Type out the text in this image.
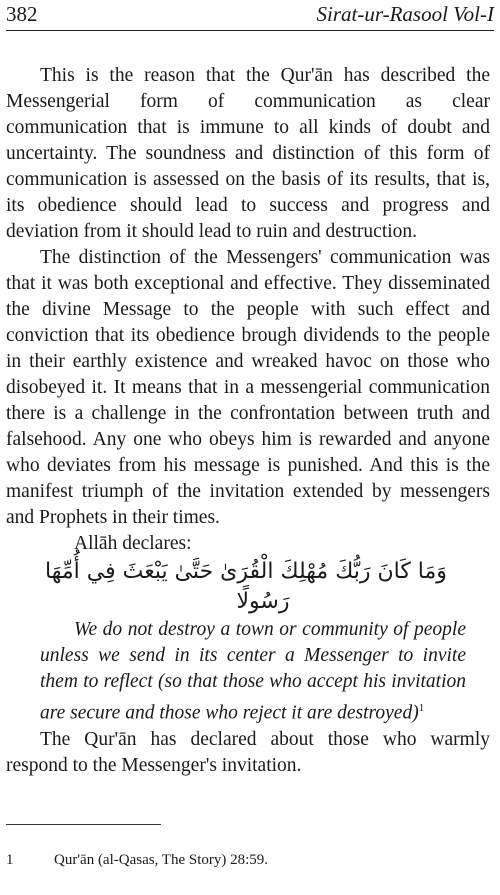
382	Sirat-ur-Rasool Vol-I

This is the reason that the Qur'ān has described the Messengerial form of communication as clear communication that is immune to all kinds of doubt and uncertainty. The soundness and distinction of this form of communication is assessed on the basis of its results, that is, its obedience should lead to success and progress and deviation from it should lead to ruin and destruction.

The distinction of the Messengers' communication was that it was both exceptional and effective. They disseminated the divine Message to the people with such effect and conviction that its obedience brough dividends to the people in their earthly existence and wreaked havoc on those who disobeyed it. It means that in a messengerial communication there is a challenge in the confrontation between truth and falsehood. Any one who obeys him is rewarded and anyone who deviates from his message is punished. And this is the manifest triumph of the invitation extended by messengers and Prophets in their times.

Allāh declares:

وَمَا كَانَ رَبُّكَ مُهْلِكَ الْقُرَىٰ حَتَّىٰ يَبْعَثَ فِي أُمِّهَا رَسُولًا

We do not destroy a town or community of people unless we send in its center a Messenger to invite them to reflect (so that those who accept his invitation are secure and those who reject it are destroyed)$^1$

The Qur'ān has declared about those who warmly respond to the Messenger's invitation.

1	Qur'ān (al-Qasas, The Story) 28:59.
